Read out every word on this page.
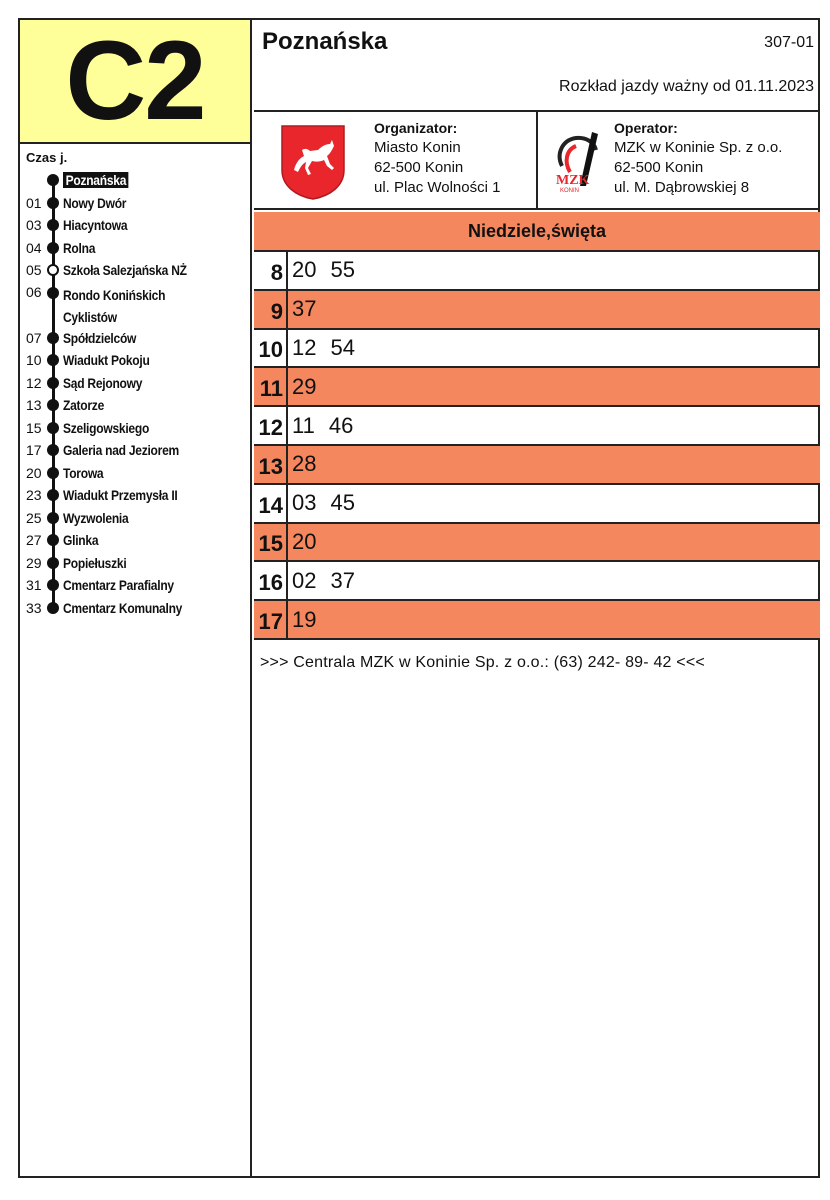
C2
Czas j.
Poznańska
01 Nowy Dwór
03 Hiacyntowa
04 Rolna
05 Szkoła Salezjańska NŻ
06 Rondo Konińskich Cyklistów
07 Spółdzielców
10 Wiadukt Pokoju
12 Sąd Rejonowy
13 Zatorze
15 Szeligowskiego
17 Galeria nad Jeziorem
20 Torowa
23 Wiadukt Przemysła II
25 Wyzwolenia
27 Glinka
29 Popiełuszki
31 Cmentarz Parafialny
33 Cmentarz Komunalny
Poznańska	307-01
Rozkład jazdy ważny od 01.11.2023
Organizator:
Miasto Konin
62-500 Konin
ul. Plac Wolności 1	MZK
KONIN
Operator:
MZK w Koninie Sp. z o.o.
62-500 Konin
ul. M. Dąbrowskiej 8
Niedziele,święta
8 20 55
9 37
10 12 54
11 29
12 11 46
13 28
14 03 45
15 20
16 02 37
17 19
>>> Centrala MZK w Koninie Sp. z o.o.: (63) 242- 89- 42 <<<
